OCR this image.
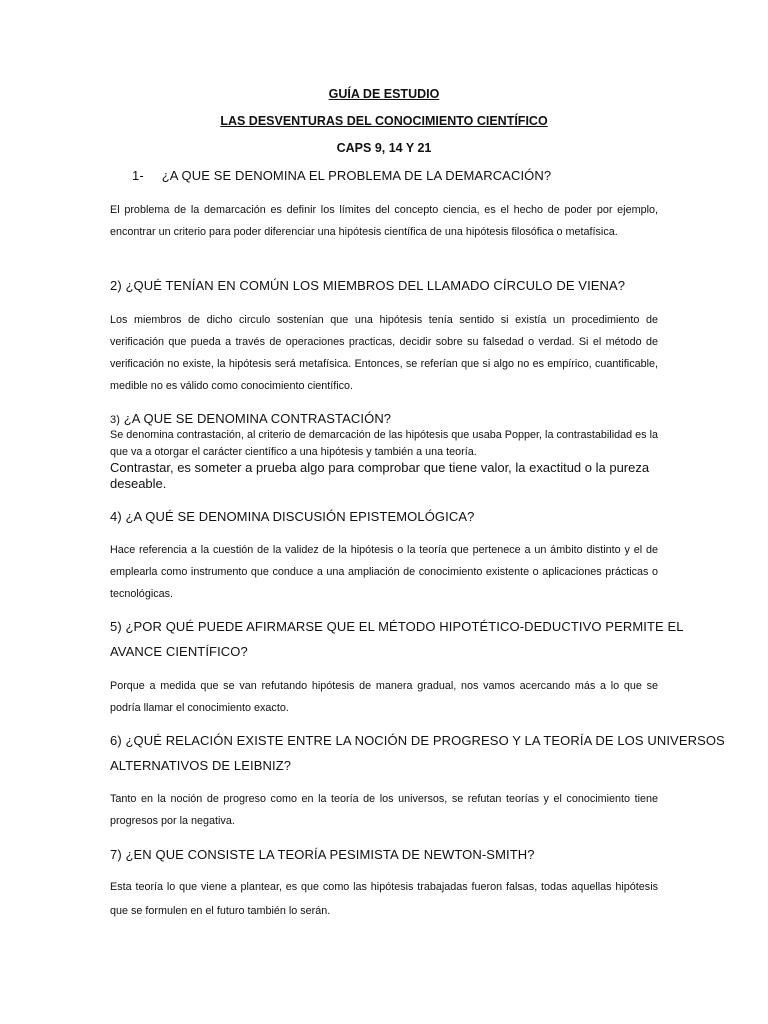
GUÍA DE ESTUDIO
LAS DESVENTURAS DEL CONOCIMIENTO CIENTÍFICO
CAPS 9, 14 Y 21
1- ¿A QUE SE DENOMINA EL PROBLEMA DE LA DEMARCACIÓN?
El problema de la demarcación es definir los límites del concepto ciencia, es el hecho de poder por ejemplo, encontrar un criterio para poder diferenciar una hipótesis científica de una hipótesis filosófica o metafísica.
2) ¿QUÉ TENÍAN EN COMÚN LOS MIEMBROS DEL LLAMADO CÍRCULO DE VIENA?
Los miembros de dicho circulo sostenían que una hipótesis tenía sentido si existía un procedimiento de verificación que pueda a través de operaciones practicas, decidir sobre su falsedad o verdad. Si el método de verificación no existe, la hipótesis será metafísica. Entonces, se referían que si algo no es empírico, cuantificable, medible no es válido como conocimiento científico.
3) ¿A QUE SE DENOMINA CONTRASTACIÓN?
Se denomina contrastación, al criterio de demarcación de las hipótesis que usaba Popper, la contrastabilidad es la que va a otorgar el carácter científico a una hipótesis y también a una teoría.
Contrastar, es someter a prueba algo para comprobar que tiene valor, la exactitud o la pureza deseable.
4) ¿A QUÉ SE DENOMINA DISCUSIÓN EPISTEMOLÓGICA?
Hace referencia a la cuestión de la validez de la hipótesis o la teoría que pertenece a un ámbito distinto y el de emplearla como instrumento que conduce a una ampliación de conocimiento existente o aplicaciones prácticas o tecnológicas.
5) ¿POR QUÉ PUEDE AFIRMARSE QUE EL MÉTODO HIPOTÉTICO-DEDUCTIVO PERMITE EL
AVANCE CIENTÍFICO?
Porque a medida que se van refutando hipótesis de manera gradual, nos vamos acercando más a lo que se podría llamar el conocimiento exacto.
6) ¿QUÉ RELACIÓN EXISTE ENTRE LA NOCIÓN DE PROGRESO Y LA TEORÍA DE LOS UNIVERSOS
ALTERNATIVOS DE LEIBNIZ?
Tanto en la noción de progreso como en la teoría de los universos, se refutan teorías y el conocimiento tiene progresos por la negativa.
7) ¿EN QUE CONSISTE LA TEORÍA PESIMISTA DE NEWTON-SMITH?
Esta teoría lo que viene a plantear, es que como las hipótesis trabajadas fueron falsas, todas aquellas hipótesis que se formulen en el futuro también lo serán.
